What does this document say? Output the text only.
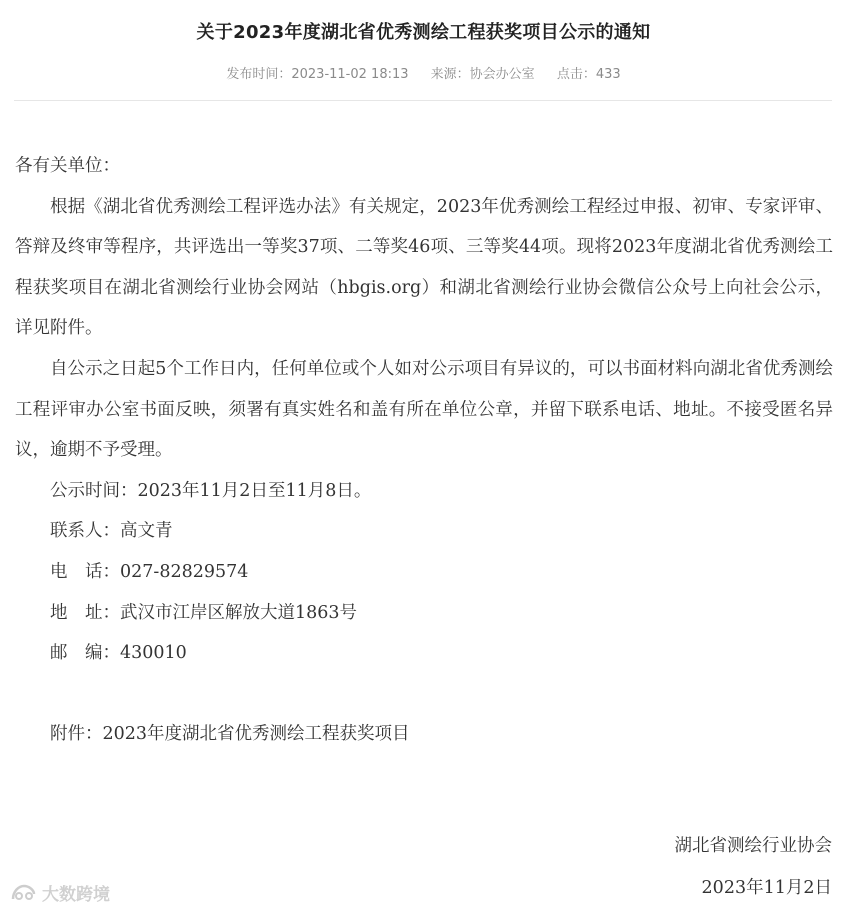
关于2023年度湖北省优秀测绘工程获奖项目公示的通知
发布时间：2023-11-02 18:13 来源：协会办公室 点击：433

各有关单位：

根据《湖北省优秀测绘工程评选办法》有关规定，2023年优秀测绘工程经过申报、初审、专家评审、答辩及终审等程序，共评选出一等奖37项、二等奖46项、三等奖44项。现将2023年度湖北省优秀测绘工程获奖项目在湖北省测绘行业协会网站（hbgis.org）和湖北省测绘行业协会微信公众号上向社会公示，详见附件。

自公示之日起5个工作日内，任何单位或个人如对公示项目有异议的，可以书面材料向湖北省优秀测绘工程评审办公室书面反映，须署有真实姓名和盖有所在单位公章，并留下联系电话、地址。不接受匿名异议，逾期不予受理。

公示时间：2023年11月2日至11月8日。

联系人：高文青

电　话：027-82829574

地　址：武汉市江岸区解放大道1863号

邮　编：430010

附件：2023年度湖北省优秀测绘工程获奖项目

湖北省测绘行业协会
2023年11月2日
大数跨境
